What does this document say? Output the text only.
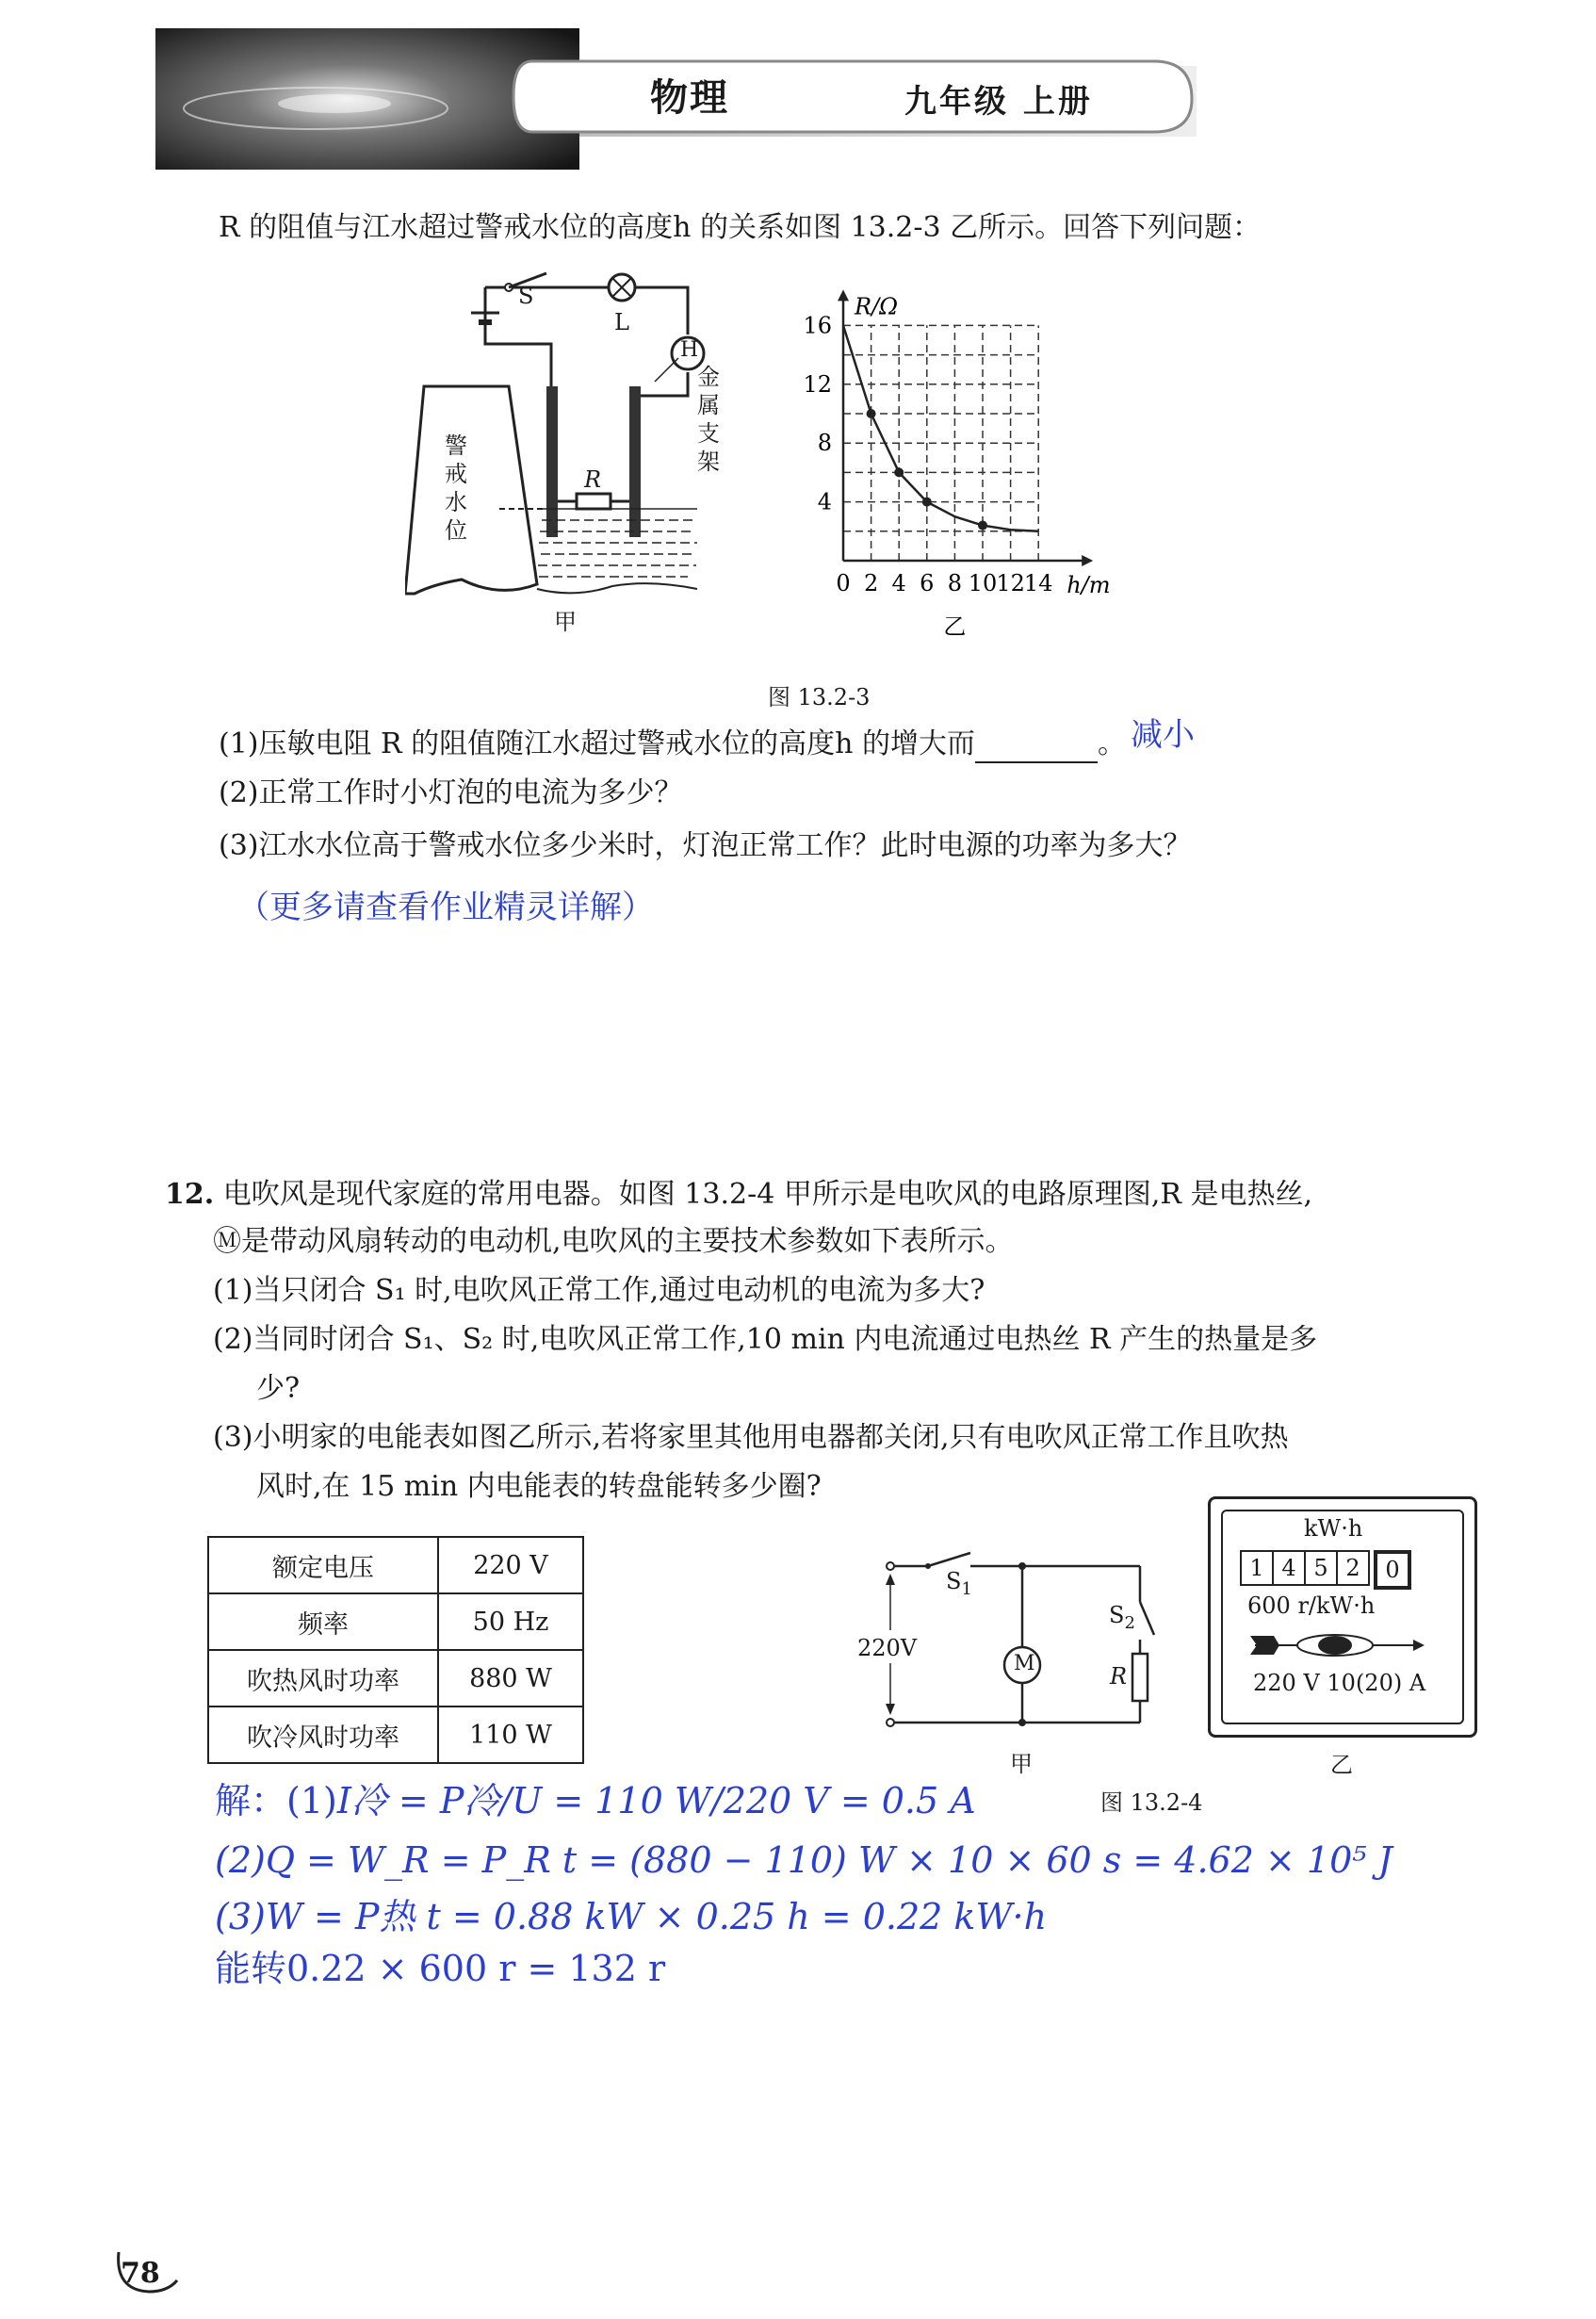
物理	九年级 上册
R 的阻值与江水超过警戒水位的高度h 的关系如图 13.2-3 乙所示。回答下列问题：
S
L
H
R
警戒水位
金属支架
甲
0 2 4 6 8 10 12 14
4
8
12
16
R/Ω
h/m
乙
图 13.2-3
(1)压敏电阻 R 的阻值随江水超过警戒水位的高度h 的增大而	。 减小
(2)正常工作时小灯泡的电流为多少？
(3)江水水位高于警戒水位多少米时，灯泡正常工作？此时电源的功率为多大？
（更多请查看作业精灵详解）
12. 电吹风是现代家庭的常用电器。如图 13.2-4 甲所示是电吹风的电路原理图,R 是电热丝,
Ⓜ是带动风扇转动的电动机,电吹风的主要技术参数如下表所示。
(1)当只闭合 S₁ 时,电吹风正常工作,通过电动机的电流为多大?
(2)当同时闭合 S₁、S₂ 时,电吹风正常工作,10 min 内电流通过电热丝 R 产生的热量是多
少?
(3)小明家的电能表如图乙所示,若将家里其他用电器都关闭,只有电吹风正常工作且吹热
风时,在 15 min 内电能表的转盘能转多少圈?
额定电压	220 V
频率	50 Hz
吹热风时功率	880 W
吹冷风时功率	110 W
220V
$S_1$
$S_2$
M	R
甲
kW·h
1 4 5 2	0
600 r/kW·h
220 V 10(20) A
乙
图 13.2-4
解：(1)I冷 = P冷/U = 110 W/220 V = 0.5 A
(2)Q = W_R = P_R t = (880 − 110) W × 10 × 60 s = 4.62 × 10⁵ J
(3)W = P热 t = 0.88 kW × 0.25 h = 0.22 kW·h
能转0.22 × 600 r = 132 r
78
